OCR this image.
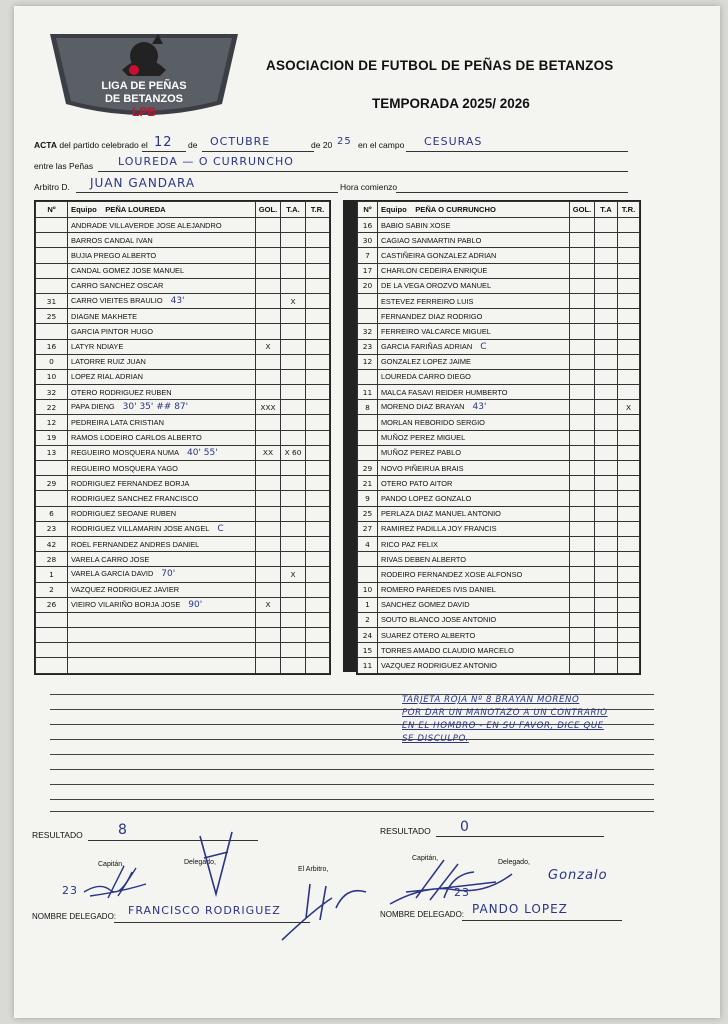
LIGA DE PEÑAS
DE BETANZOS
LPB
ASOCIACION DE FUTBOL DE PEÑAS DE BETANZOS
TEMPORADA 2025/ 2026
ACTA del partido celebrado el 12 de OCTUBRE	de 20 25 en el campo CESURAS
entre las Peñas LOUREDA — O CURRUNCHO
Arbitro D. JUAN GANDARA	Hora comienzo
Nº	Equipo PEÑA LOUREDA	GOL.	T.A.	T.R.
	ANDRADE VILLAVERDE JOSE ALEJANDRO			
	BARROS CANDAL IVAN			
	BUJIA PREGO ALBERTO			
	CANDAL GOMEZ JOSE MANUEL			
	CARRO SANCHEZ OSCAR			
31	CARRO VIEITES BRAULIO 43'		X	
25	DIAGNE MAKHETE			
	GARCIA PINTOR HUGO			
16	LATYR NDIAYE	X		
0	LATORRE RUIZ JUAN			
10	LOPEZ RIAL ADRIAN			
32	OTERO RODRIGUEZ RUBEN			
22	PAPA DIENG 30' 35' ## 87'	XXX		
12	PEDREIRA LATA CRISTIAN			
19	RAMOS LODEIRO CARLOS ALBERTO			
13	REGUEIRO MOSQUERA NUMA 40' 55'	XX	X 60	
	REGUEIRO MOSQUERA YAGO			
29	RODRIGUEZ FERNANDEZ BORJA			
	RODRIGUEZ SANCHEZ FRANCISCO			
6	RODRIGUEZ SEOANE RUBEN			
23	RODRIGUEZ VILLAMARIN JOSE ANGEL C			
42	ROEL FERNANDEZ ANDRES DANIEL			
28	VARELA CARRO JOSE			
1	VARELA GARCIA DAVID 70'		X	
2	VAZQUEZ RODRIGUEZ JAVIER			
26	VIEIRO VILARIÑO BORJA JOSE 90'	X		

Nº	Equipo PEÑA O CURRUNCHO	GOL.	T.A	T.R.
16	BABIO SABIN XOSE			
30	CAGIAO SANMARTIN PABLO			
7	CASTIÑEIRA GONZALEZ ADRIAN			
17	CHARLON CEDEIRA ENRIQUE			
20	DE LA VEGA OROZVO MANUEL			
	ESTEVEZ FERREIRO LUIS			
	FERNANDEZ DIAZ RODRIGO			
32	FERREIRO VALCARCE MIGUEL			
23	GARCIA FARIÑAS ADRIAN C			
12	GONZALEZ LOPEZ JAIME			
	LOUREDA CARRO DIEGO			
11	MALCA FASAVI REIDER HUMBERTO			
8	MORENO DIAZ BRAYAN 43'			X
	MORLAN REBORIDO SERGIO			
	MUÑOZ PEREZ MIGUEL			
	MUÑOZ PEREZ PABLO			
29	NOVO PIÑEIRUA BRAIS			
21	OTERO PATO AITOR			
9	PANDO LOPEZ GONZALO			
25	PERLAZA DIAZ MANUEL ANTONIO			
27	RAMIREZ PADILLA JOY FRANCIS			
4	RICO PAZ FELIX			
	RIVAS DEBEN ALBERTO			
	RODEIRO FERNANDEZ XOSE ALFONSO			
10	ROMERO PAREDES IVIS DANIEL			
1	SANCHEZ GOMEZ DAVID			
2	SOUTO BLANCO JOSE ANTONIO			
24	SUAREZ OTERO ALBERTO			
15	TORRES AMADO CLAUDIO MARCELO			
11	VAZQUEZ RODRIGUEZ ANTONIO			
TARJETA ROJA Nº 8 BRAYAN MORENO
POR DAR UN MANOTAZO A UN CONTRARIO
EN EL HOMBRO - EN SU FAVOR, DICE QUE
SE DISCULPO.
RESULTADO	8	RESULTADO 0
Capitán,	Delegado,
El Arbitro,
Capitán,
Delegado,
23	23
Gonzalo
NOMBRE DELEGADO: FRANCISCO RODRIGUEZ	NOMBRE DELEGADO: PANDO LOPEZ
